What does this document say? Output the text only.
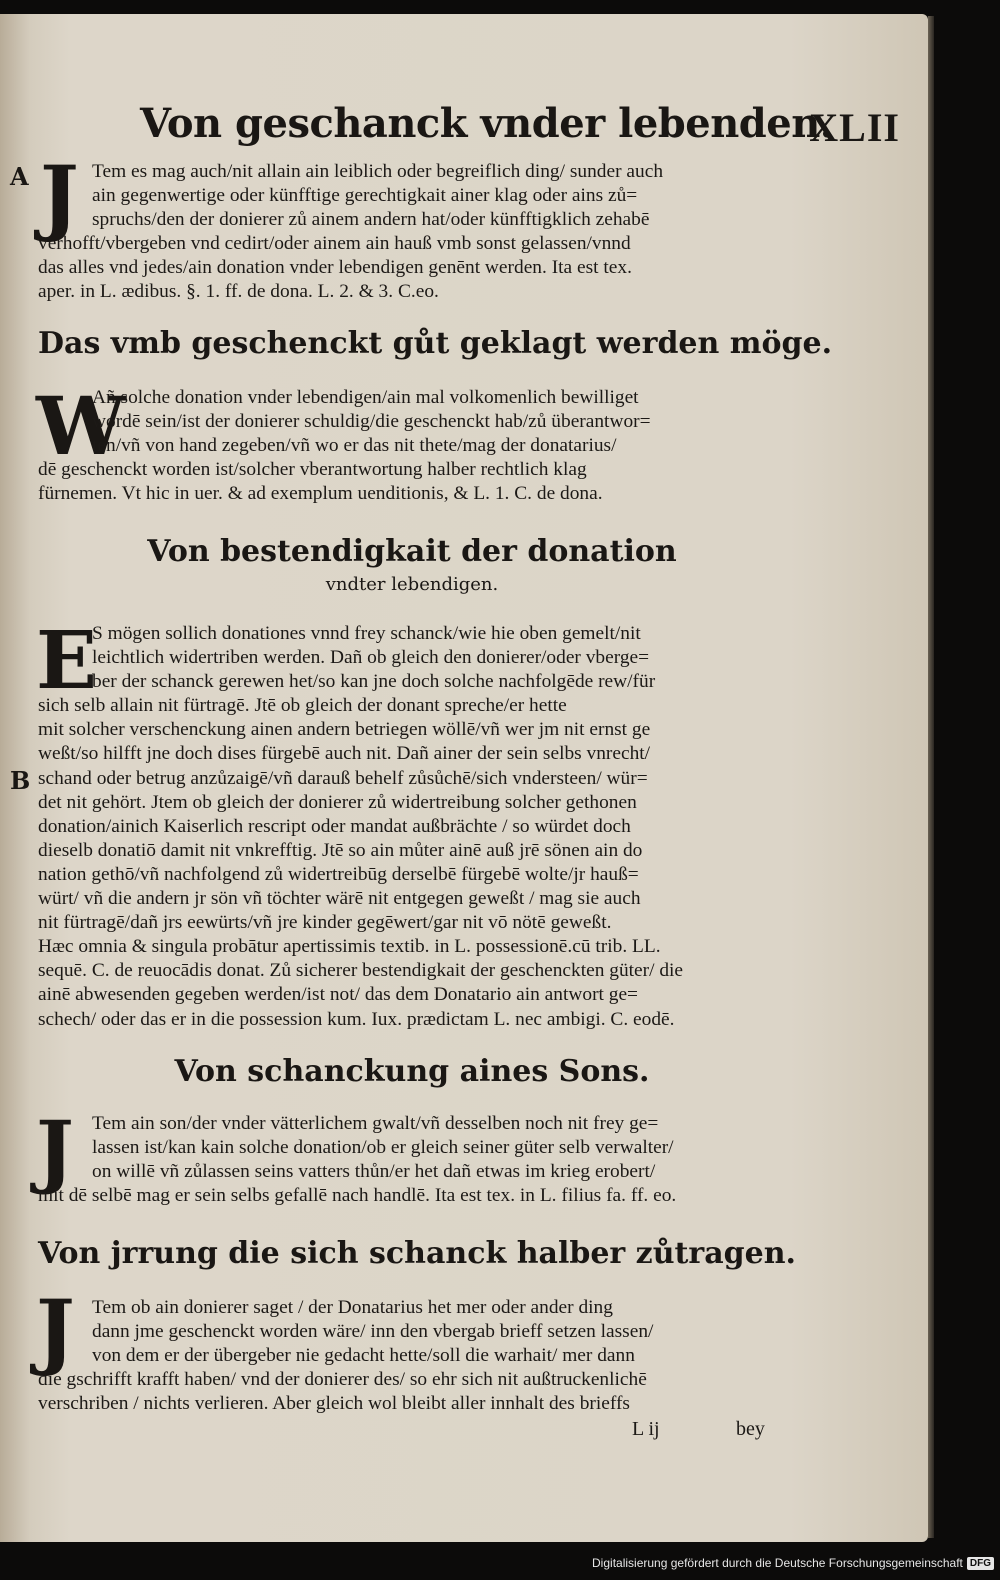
Von geschanck vnder lebenden.
XLII
A J Tem es mag auch/nit allain ain leiblich oder begreiflich ding/ sunder auch
ain gegenwertige oder künfftige gerechtigkait ainer klag oder ains zů=
spruchs/den der donierer zů ainem andern hat/oder künfftigklich zehabē
verhofft/vbergeben vnd cedirt/oder ainem ain hauß vmb sonst gelassen/vnnd
das alles vnd jedes/ain donation vnder lebendigen genēnt werden. Ita est tex.
aper. in L. ædibus. §. 1. ff. de dona. L. 2. & 3. C.eo.
Das vmb geschenckt gůt geklagt werden möge.
W
Añ solche donation vnder lebendigen/ain mal volkomenlich bewilliget
wordē sein/ist der donierer schuldig/die geschenckt hab/zů überantwor=
ten/vñ von hand zegeben/vñ wo er das nit thete/mag der donatarius/
dē geschenckt worden ist/solcher vberantwortung halber rechtlich klag
fürnemen. Vt hic in uer. & ad exemplum uenditionis, & L. 1. C. de dona.
Von bestendigkait der donation
vndter lebendigen.
E
B
S mögen sollich donationes vnnd frey schanck/wie hie oben gemelt/nit
leichtlich widertriben werden. Dañ ob gleich den donierer/oder vberge=
ber der schanck gerewen het/so kan jne doch solche nachfolgēde rew/für
sich selb allain nit fürtragē. Jtē ob gleich der donant spreche/er hette
mit solcher verschenckung ainen andern betriegen wöllē/vñ wer jm nit ernst ge
weßt/so hilfft jne doch dises fürgebē auch nit. Dañ ainer der sein selbs vnrecht/
schand oder betrug anzůzaigē/vñ darauß behelf zůsůchē/sich vndersteen/ wür=
det nit gehört. Jtem ob gleich der donierer zů widertreibung solcher gethonen
donation/ainich Kaiserlich rescript oder mandat außbrächte / so würdet doch
dieselb donatiō damit nit vnkrefftig. Jtē so ain můter ainē auß jrē sönen ain do
nation gethō/vñ nachfolgend zů widertreibūg derselbē fürgebē wolte/jr hauß=
würt/ vñ die andern jr sön vñ töchter wärē nit entgegen geweßt / mag sie auch
nit fürtragē/dañ jrs eewürts/vñ jre kinder gegēwert/gar nit vō nötē geweßt.
Hæc omnia & singula probātur apertissimis textib. in L. possessionē.cū trib. LL.
sequē. C. de reuocādis donat. Zů sicherer bestendigkait der geschenckten güter/ die
ainē abwesenden gegeben werden/ist not/ das dem Donatario ain antwort ge=
schech/ oder das er in die possession kum. Iux. prædictam L. nec ambigi. C. eodē.
Von schanckung aines Sons.
J Tem ain son/der vnder vätterlichem gwalt/vñ desselben noch nit frey ge=
lassen ist/kan kain solche donation/ob er gleich seiner güter selb verwalter/
on willē vñ zůlassen seins vatters thůn/er het dañ etwas im krieg erobert/
mit dē selbē mag er sein selbs gefallē nach handlē. Ita est tex. in L. filius fa. ff. eo.
Von jrrung die sich schanck halber zůtragen.
J Tem ob ain donierer saget / der Donatarius het mer oder ander ding
dann jme geschenckt worden wäre/ inn den vbergab brieff setzen lassen/
von dem er der übergeber nie gedacht hette/soll die warhait/ mer dann
die gschrifft krafft haben/ vnd der donierer des/ so ehr sich nit außtruckenlichē
verschriben / nichts verlieren. Aber gleich wol bleibt aller innhalt des brieffs
L ij	bey
Digitalisierung gefördert durch die Deutsche Forschungsgemeinschaft DFG
